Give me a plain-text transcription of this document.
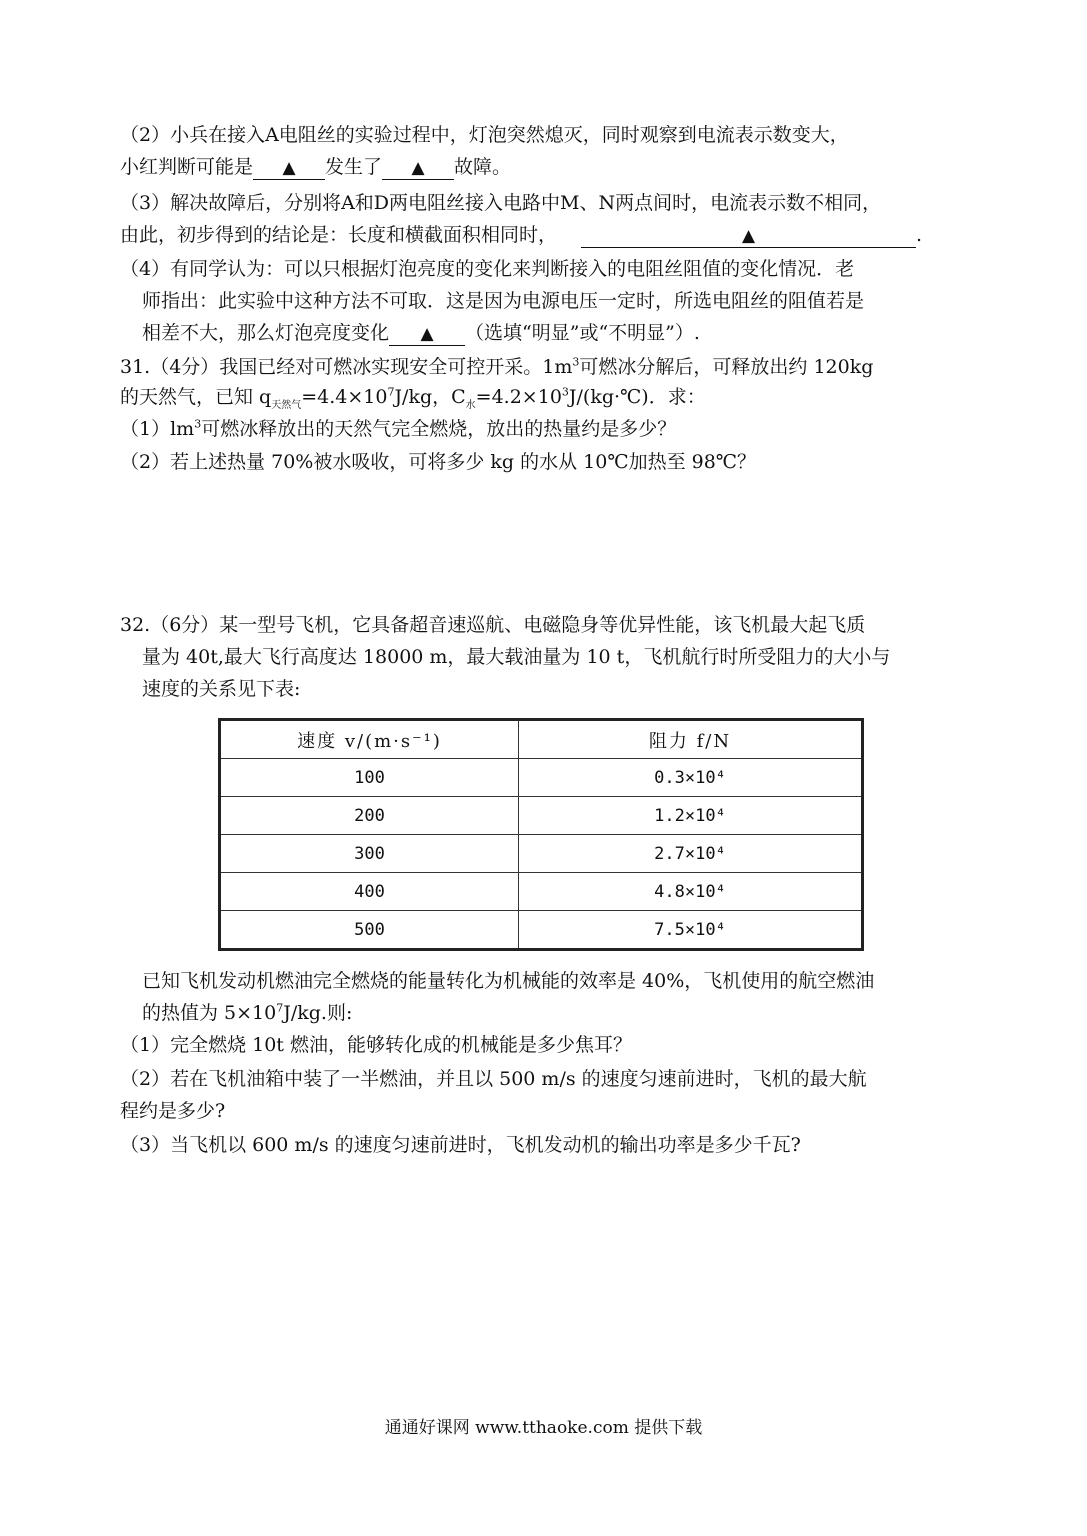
（2）小兵在接入A电阻丝的实验过程中，灯泡突然熄灭，同时观察到电流表示数变大，
小红判断可能是 ▲ 发生了 ▲ 故障。
（3）解决故障后，分别将A和D两电阻丝接入电路中M、N两点间时，电流表示数不相同，
由此，初步得到的结论是：长度和横截面积相同时，	▲	.
（4）有同学认为：可以只根据灯泡亮度的变化来判断接入的电阻丝阻值的变化情况．老
师指出：此实验中这种方法不可取．这是因为电源电压一定时，所选电阻丝的阻值若是
相差不大，那么灯泡亮度变化 ▲ （选填“明显”或“不明显”）.
31.（4分）我国已经对可燃冰实现安全可控开采。$1m^3$可燃冰分解后，可释放出约 120kg
的天然气，已知 $q_{天然气}=4.4\times 10^7J/kg$，$C_水=4.2\times 10^3J/(kg\cdot℃)$．求：
$(1)lm^3$可燃冰释放出的天然气完全燃烧，放出的热量约是多少？
（2）若上述热量 70%被水吸收，可将多少 kg 的水从 10℃加热至 98℃？
32.（6分）某一型号飞机，它具备超音速巡航、电磁隐身等优异性能，该飞机最大起飞质
量为 40t,最大飞行高度达 18000 m，最大载油量为 10 t，飞机航行时所受阻力的大小与
速度的关系见下表:
速度 v/(m·s⁻¹)	阻力 f/N
100	0.3×10⁴
200	1.2×10⁴
300	2.7×10⁴
400	4.8×10⁴
500	7.5×10⁴
已知飞机发动机燃油完全燃烧的能量转化为机械能的效率是 40%，飞机使用的航空燃油
的热值为 $5\times 10^7J/kg$.则:
（1）完全燃烧 10t 燃油，能够转化成的机械能是多少焦耳？
（2）若在飞机油箱中装了一半燃油，并且以 500 m/s 的速度匀速前进时，飞机的最大航
程约是多少?
（3）当飞机以 600 m/s 的速度匀速前进时，飞机发动机的输出功率是多少千瓦?
通通好课网 www.tthaoke.com 提供下载
